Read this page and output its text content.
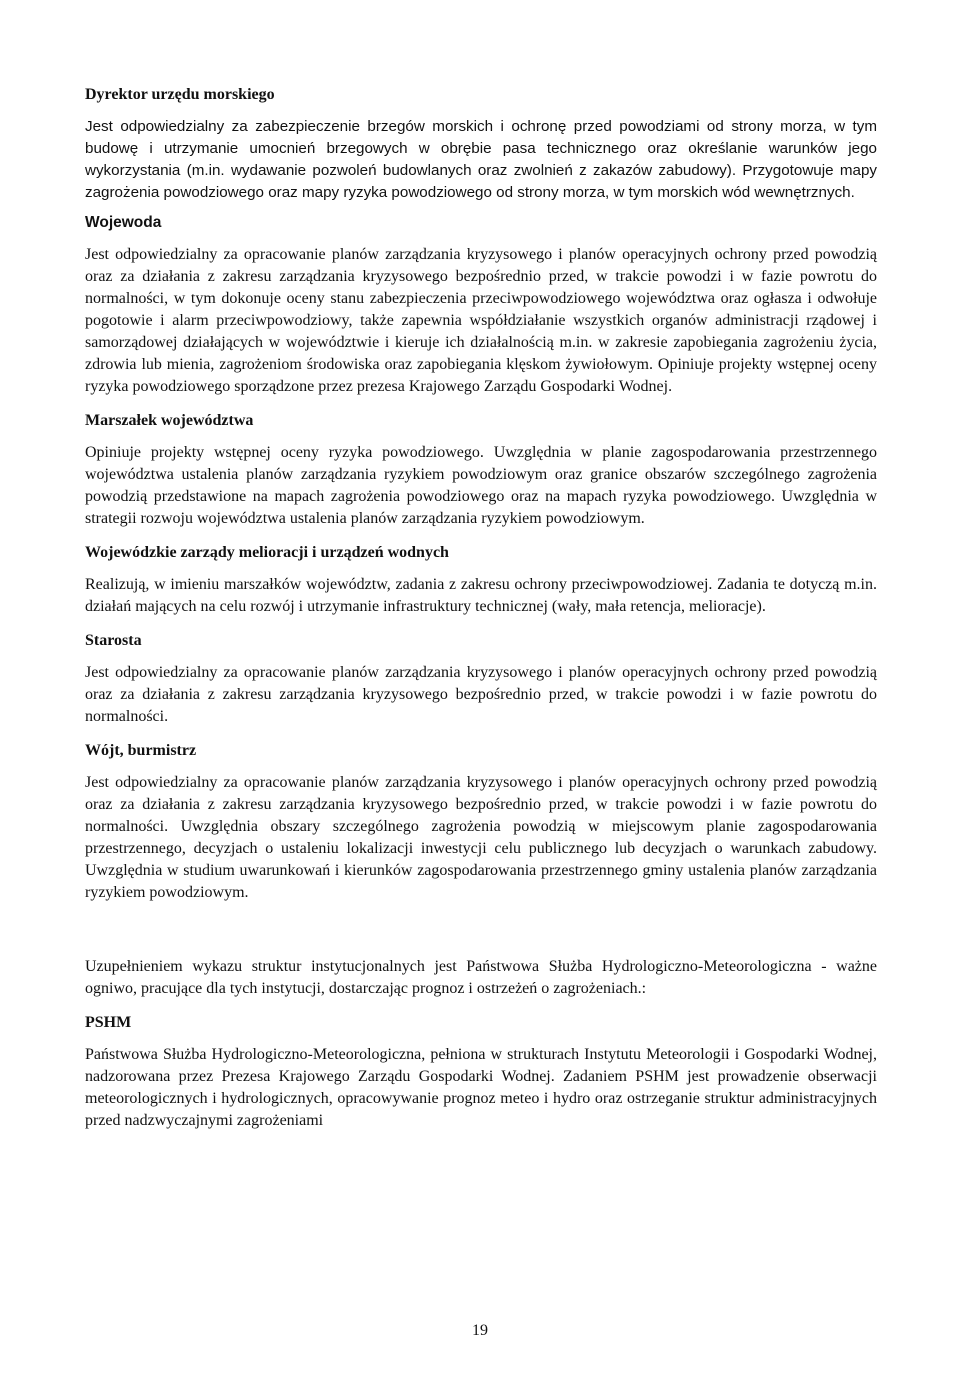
Dyrektor urzędu morskiego
Jest odpowiedzialny za zabezpieczenie brzegów morskich i ochronę przed powodziami od strony morza, w tym budowę i utrzymanie umocnień brzegowych w obrębie pasa technicznego oraz określanie warunków jego wykorzystania (m.in. wydawanie pozwoleń budowlanych oraz zwolnień z zakazów zabudowy). Przygotowuje mapy zagrożenia powodziowego oraz mapy ryzyka powodziowego od strony morza, w tym morskich wód wewnętrznych.
Wojewoda
Jest odpowiedzialny za opracowanie planów zarządzania kryzysowego i planów operacyjnych ochrony przed powodzią oraz za działania z zakresu zarządzania kryzysowego bezpośrednio przed, w trakcie powodzi i w fazie powrotu do normalności, w tym dokonuje oceny stanu zabezpieczenia przeciwpowodziowego województwa oraz ogłasza i odwołuje pogotowie i alarm przeciwpowodziowy, także zapewnia współdziałanie wszystkich organów administracji rządowej i samorządowej działających w województwie i kieruje ich działalnością m.in. w zakresie zapobiegania zagrożeniu życia, zdrowia lub mienia, zagrożeniom środowiska oraz zapobiegania klęskom żywiołowym. Opiniuje projekty wstępnej oceny ryzyka powodziowego sporządzone przez prezesa Krajowego Zarządu Gospodarki Wodnej.
Marszałek województwa
Opiniuje projekty wstępnej oceny ryzyka powodziowego. Uwzględnia w planie zagospodarowania przestrzennego województwa ustalenia planów zarządzania ryzykiem powodziowym oraz granice obszarów szczególnego zagrożenia powodzią przedstawione na mapach zagrożenia powodziowego oraz na mapach ryzyka powodziowego. Uwzględnia w strategii rozwoju województwa ustalenia planów zarządzania ryzykiem powodziowym.
Wojewódzkie zarządy melioracji i urządzeń wodnych
Realizują, w imieniu marszałków województw, zadania z zakresu ochrony przeciwpowodziowej. Zadania te dotyczą m.in. działań mających na celu rozwój i utrzymanie infrastruktury technicznej (wały, mała retencja, melioracje).
Starosta
Jest odpowiedzialny za opracowanie planów zarządzania kryzysowego i planów operacyjnych ochrony przed powodzią oraz za działania z zakresu zarządzania kryzysowego bezpośrednio przed, w trakcie powodzi i w fazie powrotu do normalności.
Wójt, burmistrz
Jest odpowiedzialny za opracowanie planów zarządzania kryzysowego i planów operacyjnych ochrony przed powodzią oraz za działania z zakresu zarządzania kryzysowego bezpośrednio przed, w trakcie powodzi i w fazie powrotu do normalności. Uwzględnia obszary szczególnego zagrożenia powodzią w miejscowym planie zagospodarowania przestrzennego, decyzjach o ustaleniu lokalizacji inwestycji celu publicznego lub decyzjach o warunkach zabudowy. Uwzględnia w studium uwarunkowań i kierunków zagospodarowania przestrzennego gminy ustalenia planów zarządzania ryzykiem powodziowym.
Uzupełnieniem wykazu struktur instytucjonalnych jest Państwowa Służba Hydrologiczno-Meteorologiczna - ważne ogniwo, pracujące dla tych instytucji, dostarczając prognoz i ostrzeżeń o zagrożeniach.:
PSHM
Państwowa Służba Hydrologiczno-Meteorologiczna, pełniona w strukturach Instytutu Meteorologii i Gospodarki Wodnej, nadzorowana przez Prezesa Krajowego Zarządu Gospodarki Wodnej. Zadaniem PSHM jest prowadzenie obserwacji meteorologicznych i hydrologicznych, opracowywanie prognoz meteo i hydro oraz ostrzeganie struktur administracyjnych przed nadzwyczajnymi zagrożeniami
19
